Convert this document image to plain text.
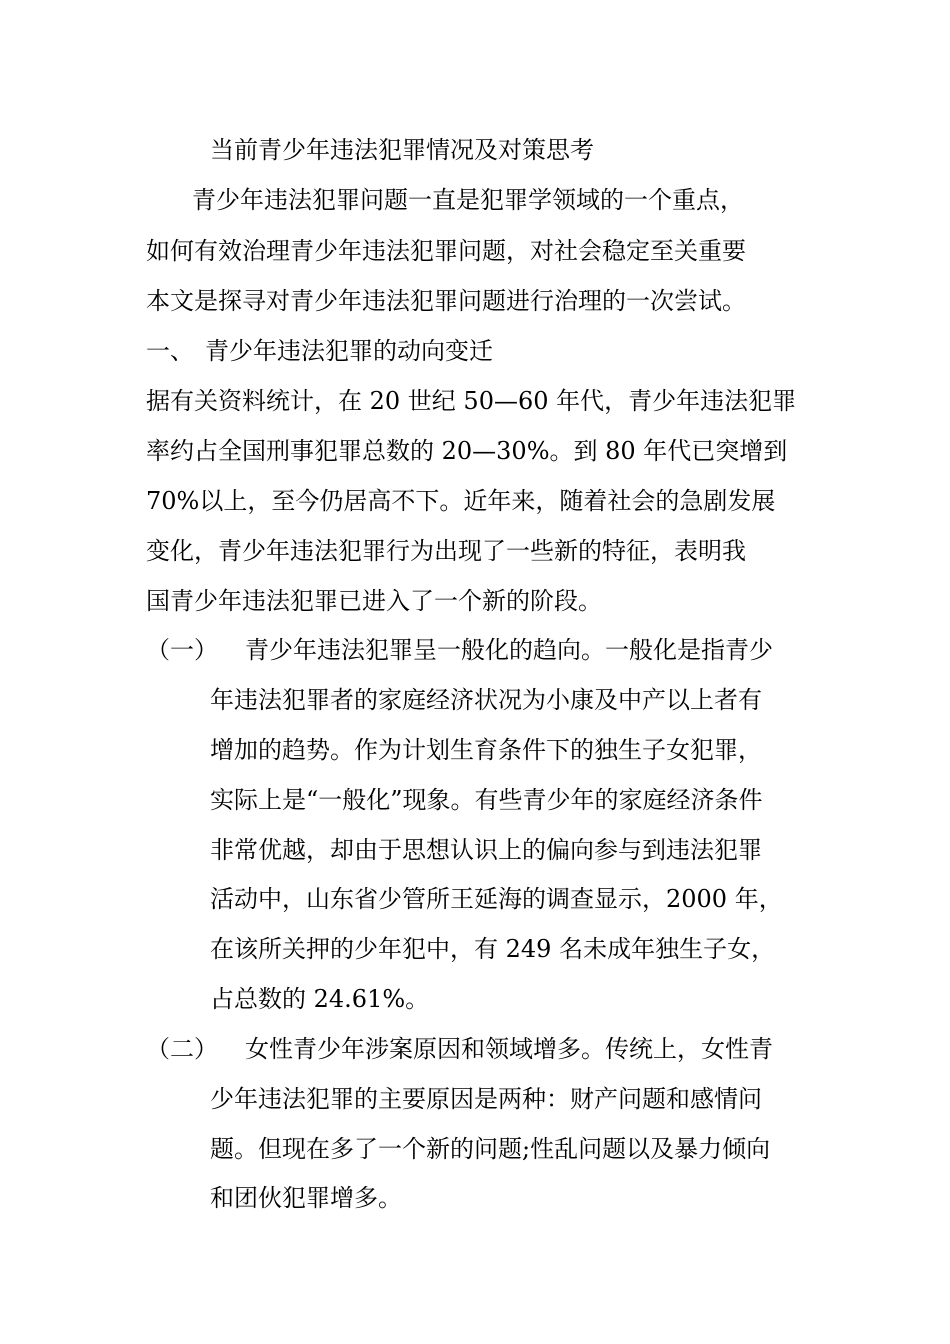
当前青少年违法犯罪情况及对策思考
青少年违法犯罪问题一直是犯罪学领域的一个重点，
如何有效治理青少年违法犯罪问题，对社会稳定至关重要
本文是探寻对青少年违法犯罪问题进行治理的一次尝试。
一、 青少年违法犯罪的动向变迁
据有关资料统计，在 20 世纪 50—60 年代，青少年违法犯罪
率约占全国刑事犯罪总数的 20—30%。到 80 年代已突增到
70%以上，至今仍居高不下。近年来，随着社会的急剧发展
变化，青少年违法犯罪行为出现了一些新的特征，表明我
国青少年违法犯罪已进入了一个新的阶段。
（一） 青少年违法犯罪呈一般化的趋向。一般化是指青少
年违法犯罪者的家庭经济状况为小康及中产以上者有
增加的趋势。作为计划生育条件下的独生子女犯罪，
实际上是“一般化”现象。有些青少年的家庭经济条件
非常优越，却由于思想认识上的偏向参与到违法犯罪
活动中，山东省少管所王延海的调查显示，2000 年，
在该所关押的少年犯中，有 249 名未成年独生子女，
占总数的 24.61%。
（二） 女性青少年涉案原因和领域增多。传统上，女性青
少年违法犯罪的主要原因是两种：财产问题和感情问
题。但现在多了一个新的问题;性乱问题以及暴力倾向
和团伙犯罪增多。
